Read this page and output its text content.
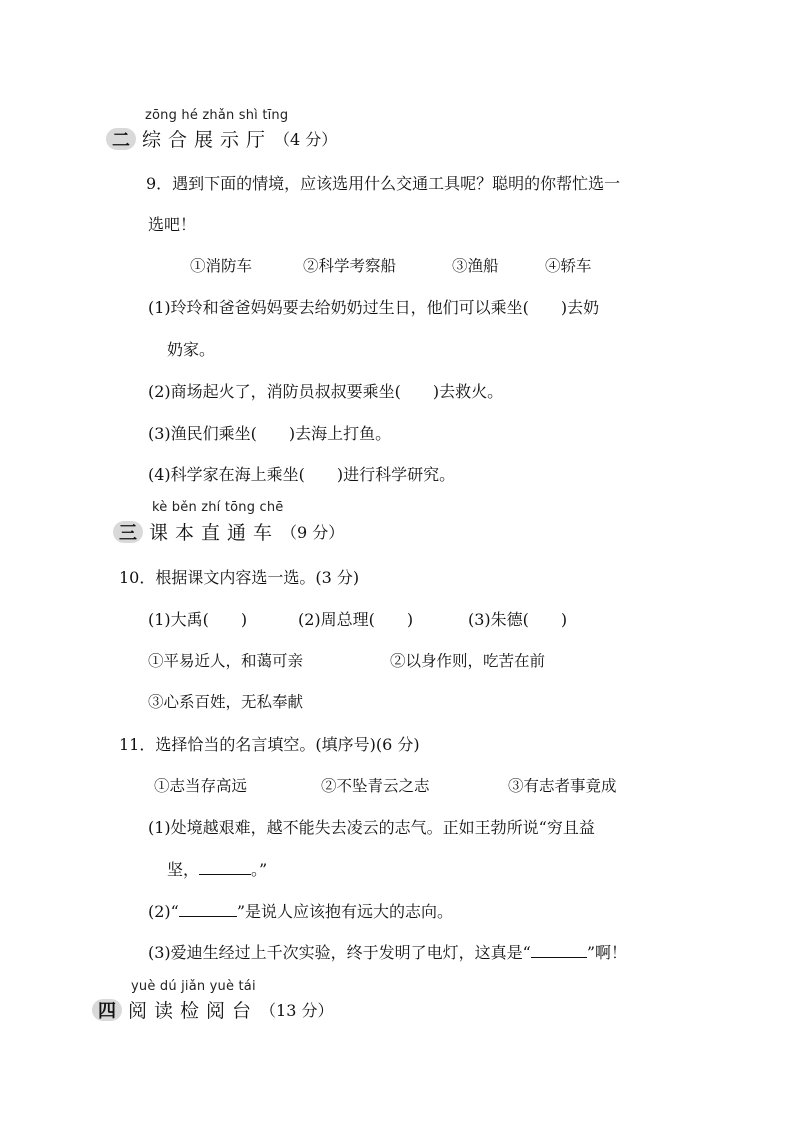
zōng hé zhǎn shì tīng
二 综合展示厅 （4 分）
9．遇到下面的情境，应该选用什么交通工具呢？聪明的你帮忙选一
选吧！
①消防车	②科学考察船	③渔船	④轿车
(1)玲玲和爸爸妈妈要去给奶奶过生日，他们可以乘坐(　　)去奶
奶家。
(2)商场起火了，消防员叔叔要乘坐(　　)去救火。
(3)渔民们乘坐(　　)去海上打鱼。
(4)科学家在海上乘坐(　　)进行科学研究。
kè běn zhí tōng chē
三 课本直通车 （9 分）
10．根据课文内容选一选。(3 分)
(1)大禹(　　)	(2)周总理(　　)	(3)朱德(　　)
①平易近人，和蔼可亲	②以身作则，吃苦在前
③心系百姓，无私奉献
11．选择恰当的名言填空。(填序号)(6 分)
①志当存高远	②不坠青云之志	③有志者事竟成
(1)处境越艰难，越不能失去凌云的志气。正如王勃所说“穷且益
坚，	。”
(2)“	”是说人应该抱有远大的志向。
(3)爱迪生经过上千次实验，终于发明了电灯，这真是“	”啊！
yuè dú jiǎn yuè tái
四 阅读检阅台 （13 分）
